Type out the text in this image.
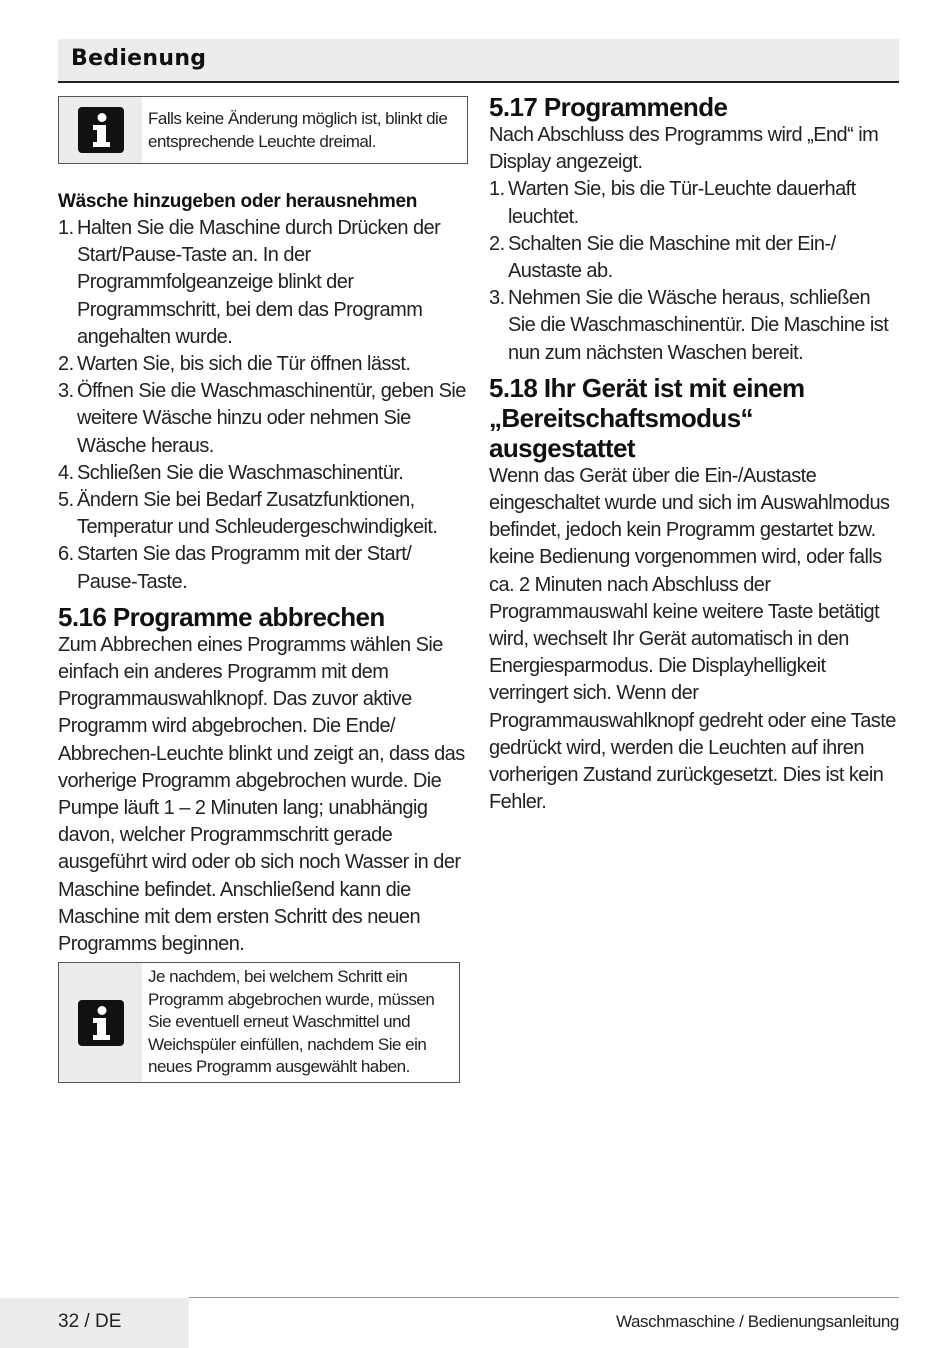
Bedienung
Falls keine Änderung möglich ist, blinkt die entsprechende Leuchte dreimal.

Wäsche hinzugeben oder herausnehmen

1. Halten Sie die Maschine durch Drücken der Start/Pause-Taste an. In der Programmfolgeanzeige blinkt der Programmschritt, bei dem das Programm angehalten wurde.
2. Warten Sie, bis sich die Tür öffnen lässt.
3. Öffnen Sie die Waschmaschinentür, geben Sie weitere Wäsche hinzu oder nehmen Sie Wäsche heraus.
4. Schließen Sie die Waschmaschinentür.
5. Ändern Sie bei Bedarf Zusatzfunktionen, Temperatur und Schleudergeschwindigkeit.
6. Starten Sie das Programm mit der Start/ Pause-Taste.
5.16 Programme abbrechen

Zum Abbrechen eines Programms wählen Sie einfach ein anderes Programm mit dem Programmauswahlknopf. Das zuvor aktive Programm wird abgebrochen. Die Ende/ Abbrechen-Leuchte blinkt und zeigt an, dass das vorherige Programm abgebrochen wurde. Die Pumpe läuft 1 – 2 Minuten lang; unabhängig davon, welcher Programmschritt gerade ausgeführt wird oder ob sich noch Wasser in der Maschine befindet. Anschließend kann die Maschine mit dem ersten Schritt des neuen Programms beginnen.

Je nachdem, bei welchem Schritt ein Programm abgebrochen wurde, müssen Sie eventuell erneut Waschmittel und Weichspüler einfüllen, nachdem Sie ein neues Programm ausgewählt haben.
5.17 Programmende

Nach Abschluss des Programms wird „End“ im Display angezeigt.

1. Warten Sie, bis die Tür-Leuchte dauerhaft leuchtet.
2. Schalten Sie die Maschine mit der Ein-/ Austaste ab.
3. Nehmen Sie die Wäsche heraus, schließen Sie die Waschmaschinentür. Die Maschine ist nun zum nächsten Waschen bereit.
5.18 Ihr Gerät ist mit einem „Bereitschaftsmodus“ ausgestattet

Wenn das Gerät über die Ein-/Austaste eingeschaltet wurde und sich im Auswahlmodus befindet, jedoch kein Programm gestartet bzw. keine Bedienung vorgenommen wird, oder falls ca. 2 Minuten nach Abschluss der Programmauswahl keine weitere Taste betätigt wird, wechselt Ihr Gerät automatisch in den Energiesparmodus. Die Displayhelligkeit verringert sich. Wenn der Programmauswahlknopf gedreht oder eine Taste gedrückt wird, werden die Leuchten auf ihren vorherigen Zustand zurückgesetzt. Dies ist kein Fehler.

32 / DE	Waschmaschine / Bedienungsanleitung
